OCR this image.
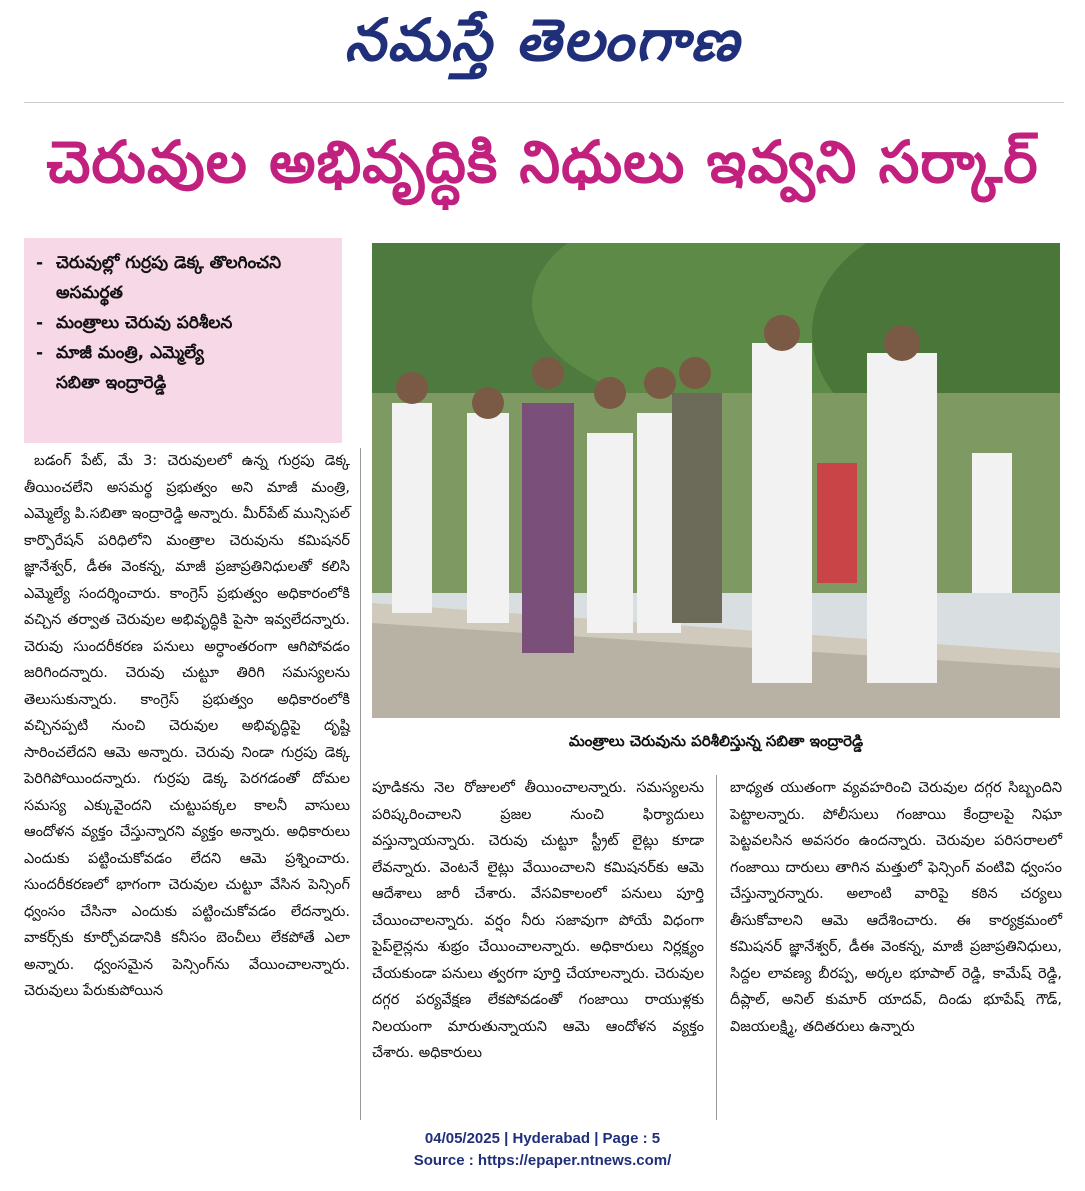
నమస్తే తెలంగాణ
చెరువుల అభివృద్ధికి నిధులు ఇవ్వని సర్కార్
- చెరువుల్లో గుర్రపు డెక్క తొలగించని
అసమర్థత
- మంత్రాలు చెరువు పరిశీలన
- మాజీ మంత్రి, ఎమ్మెల్యే
సబితా ఇంద్రారెడ్డి
మంత్రాలు చెరువును పరిశీలిస్తున్న సబితా ఇంద్రారెడ్డి

బడంగ్ పేట్, మే 3: చెరువులలో ఉన్న గుర్రపు డెక్క తీయించలేని అసమర్థ ప్రభుత్వం అని మాజీ మంత్రి, ఎమ్మెల్యే పి.సబితా ఇంద్రారెడ్డి అన్నారు. మీర్‌పేట్ మున్సిపల్ కార్పొరేషన్ పరిధిలోని మంత్రాల చెరువును కమిషనర్ జ్ఞానేశ్వర్, డీఈ వెంకన్న, మాజీ ప్రజాప్రతినిధులతో కలిసి ఎమ్మెల్యే సందర్శించారు. కాంగ్రెస్ ప్రభుత్వం అధికారంలోకి వచ్చిన తర్వాత చెరువుల అభివృద్ధికి పైసా ఇవ్వలేదన్నారు. చెరువు సుందరీకరణ పనులు అర్ధాంతరంగా ఆగిపోవడం జరిగిందన్నారు. చెరువు చుట్టూ తిరిగి సమస్యలను తెలుసుకున్నారు. కాంగ్రెస్ ప్రభుత్వం అధికారంలోకి వచ్చినప్పటి నుంచి చెరువుల అభివృద్ధిపై దృష్టి సారించలేదని ఆమె అన్నారు. చెరువు నిండా గుర్రపు డెక్క పెరిగిపోయిందన్నారు. గుర్రపు డెక్క పెరగడంతో దోమల సమస్య ఎక్కువైందని చుట్టుపక్కల కాలనీ వాసులు ఆందోళన వ్యక్తం చేస్తున్నారని వ్యక్తం అన్నారు. అధికారులు ఎందుకు పట్టించుకోవడం లేదని ఆమె ప్రశ్నించారు. సుందరీకరణలో భాగంగా చెరువుల చుట్టూ వేసిన పెన్సింగ్ ధ్వంసం చేసినా ఎందుకు పట్టించుకోవడం లేదన్నారు. వాకర్స్‌కు కూర్చోవడానికి కనీసం బెంచీలు లేకపోతే ఎలా అన్నారు. ధ్వంసమైన పెన్సింగ్‌ను వేయించాలన్నారు. చెరువులు పేరుకుపోయిన

పూడికను నెల రోజులలో తీయించాలన్నారు. సమస్యలను పరిష్కరించాలని ప్రజల నుంచి ఫిర్యాదులు వస్తున్నాయన్నారు. చెరువు చుట్టూ స్ట్రీట్ లైట్లు కూడా లేవన్నారు. వెంటనే లైట్లు వేయించాలని కమిషనర్‌కు ఆమె ఆదేశాలు జారీ చేశారు. వేసవికాలంలో పనులు పూర్తి చేయించాలన్నారు. వర్షం నీరు సజావుగా పోయే విధంగా పైప్‌లైన్లను శుభ్రం చేయించాలన్నారు. అధికారులు నిర్లక్ష్యం చేయకుండా పనులు త్వరగా పూర్తి చేయాలన్నారు. చెరువుల దగ్గర పర్యవేక్షణ లేకపోవడంతో గంజాయి రాయుళ్లకు నిలయంగా మారుతున్నాయని ఆమె ఆందోళన వ్యక్తం చేశారు. అధికారులు

బాధ్యత యుతంగా వ్యవహరించి చెరువుల దగ్గర సిబ్బందిని పెట్టాలన్నారు. పోలీసులు గంజాయి కేంద్రాలపై నిఘా పెట్టవలసిన అవసరం ఉందన్నారు. చెరువుల పరిసరాలలో గంజాయి దారులు తాగిన మత్తులో ఫెన్సింగ్ వంటివి ధ్వంసం చేస్తున్నారన్నారు. అలాంటి వారిపై కఠిన చర్యలు తీసుకోవాలని ఆమె ఆదేశించారు. ఈ కార్యక్రమంలో కమిషనర్ జ్ఞానేశ్వర్, డీఈ వెంకన్న, మాజీ ప్రజాప్రతినిధులు, సిద్దల లావణ్య బీరప్ప, అర్కల భూపాల్ రెడ్డి, కామేష్ రెడ్డి, దీప్లాల్, అనిల్ కుమార్ యాదవ్, దిండు భూపేష్ గౌడ్, విజయలక్ష్మి, తదితరులు ఉన్నారు

04/05/2025 | Hyderabad | Page : 5
Source : https://epaper.ntnews.com/
